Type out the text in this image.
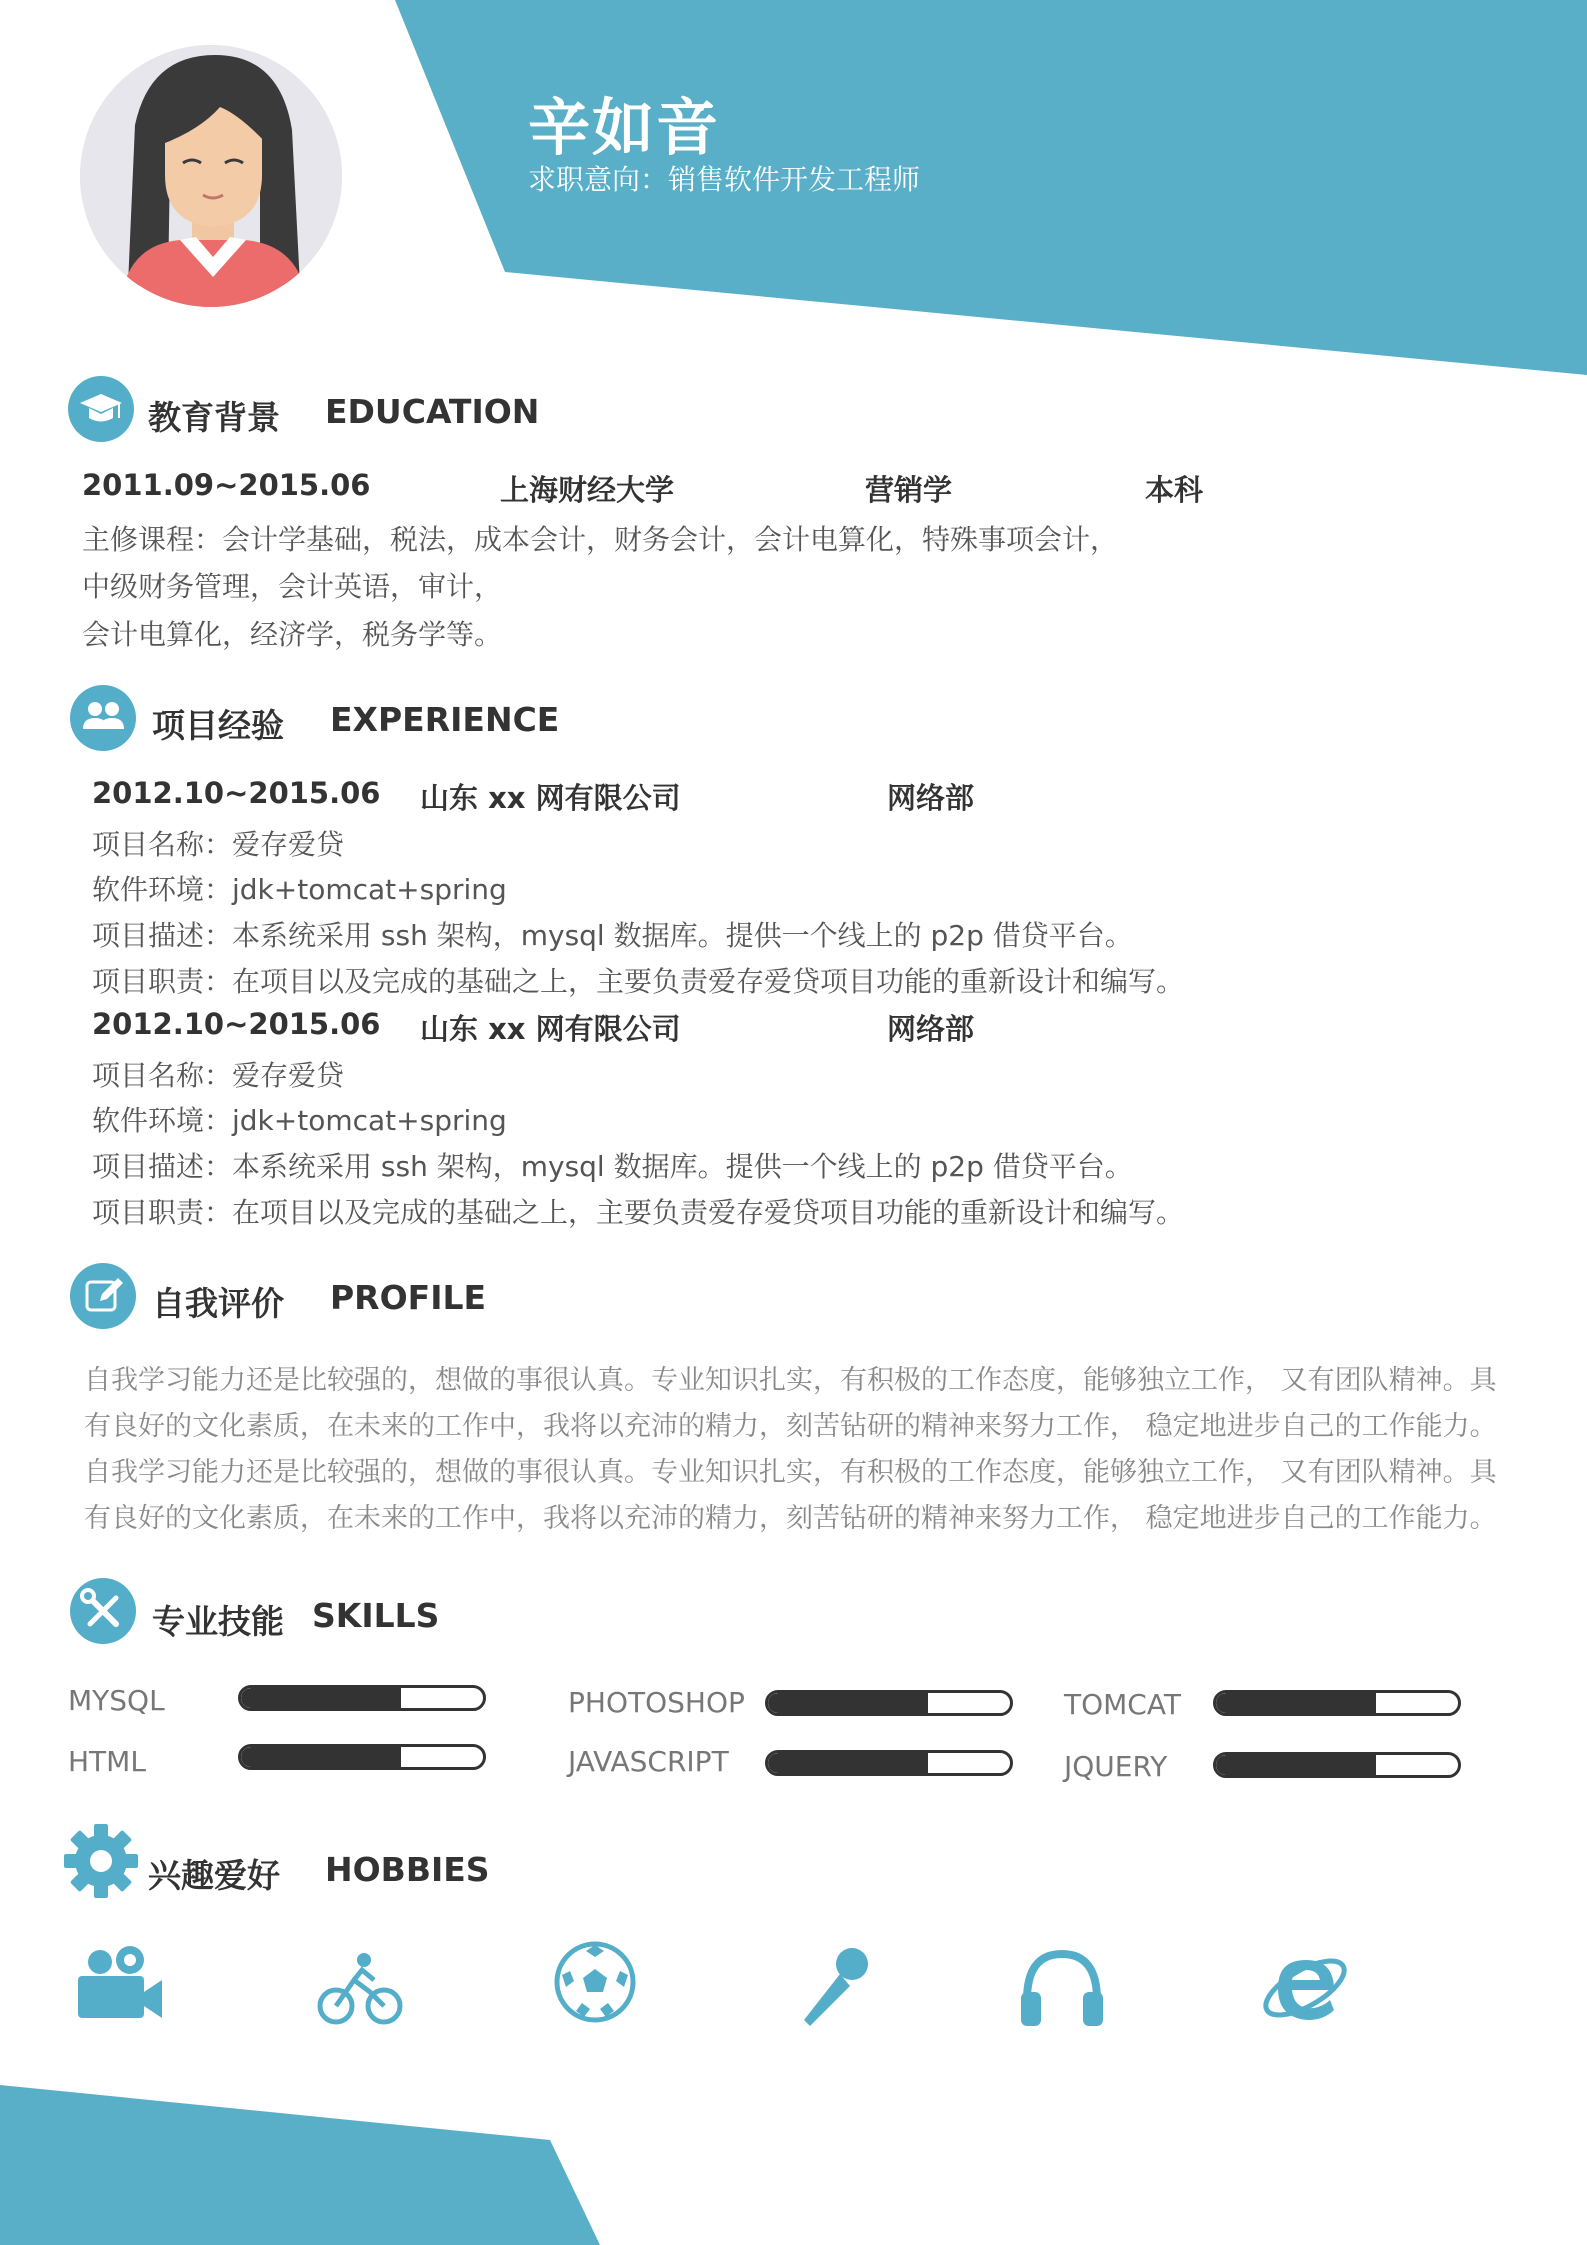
辛如音
求职意向：销售软件开发工程师
教育背景 EDUCATION
2011.09~2015.06	上海财经大学	营销学	本科
主修课程：会计学基础，税法，成本会计，财务会计，会计电算化，特殊事项会计，
中级财务管理，会计英语，审计，
会计电算化，经济学，税务学等。
项目经验 EXPERIENCE
2012.10~2015.06 山东 xx 网有限公司	网络部
项目名称：爱存爱贷
软件环境：jdk+tomcat+spring
项目描述：本系统采用 ssh 架构，mysql 数据库。提供一个线上的 p2p 借贷平台。
项目职责：在项目以及完成的基础之上，主要负责爱存爱贷项目功能的重新设计和编写。
2012.10~2015.06 山东 xx 网有限公司	网络部
项目名称：爱存爱贷
软件环境：jdk+tomcat+spring
项目描述：本系统采用 ssh 架构，mysql 数据库。提供一个线上的 p2p 借贷平台。
项目职责：在项目以及完成的基础之上，主要负责爱存爱贷项目功能的重新设计和编写。
自我评价 PROFILE
自我学习能力还是比较强的，想做的事很认真。专业知识扎实，有积极的工作态度，能够独立工作， 又有团队精神。具
有良好的文化素质，在未来的工作中，我将以充沛的精力，刻苦钻研的精神来努力工作， 稳定地进步自己的工作能力。
自我学习能力还是比较强的，想做的事很认真。专业知识扎实，有积极的工作态度，能够独立工作， 又有团队精神。具
有良好的文化素质，在未来的工作中，我将以充沛的精力，刻苦钻研的精神来努力工作， 稳定地进步自己的工作能力。
专业技能 SKILLS
MYSQL	PHOTOSHOP	TOMCAT
HTML	JAVASCRIPT	JQUERY
兴趣爱好 HOBBIES
